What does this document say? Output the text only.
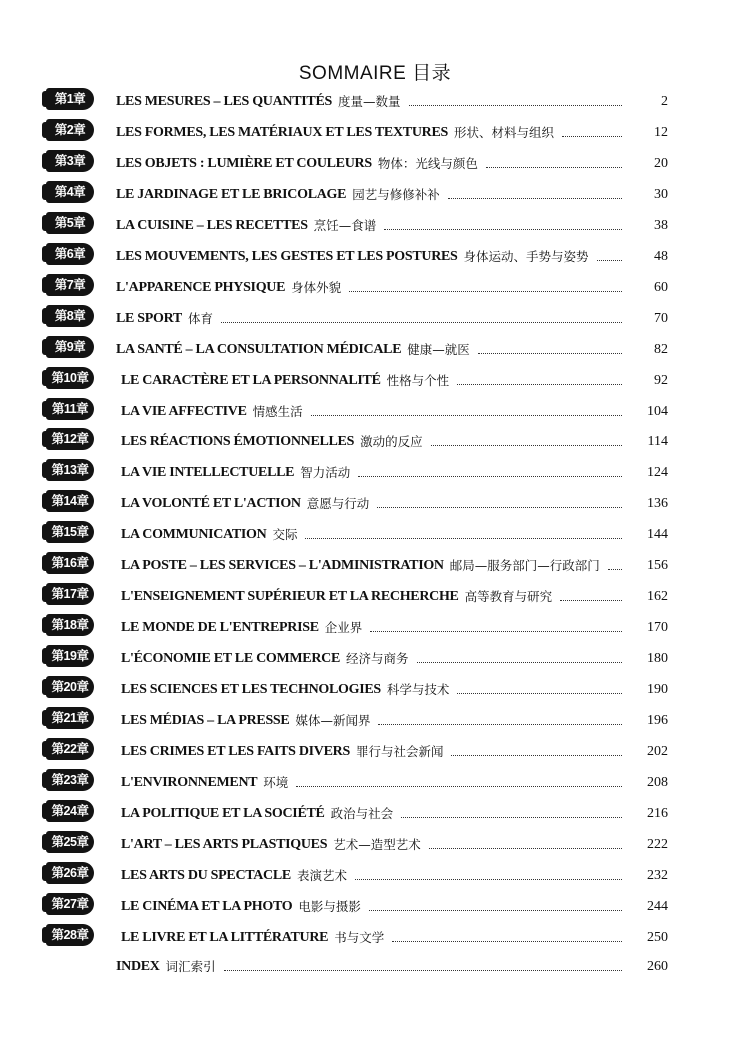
SOMMAIRE 目录
第1章	LES MESURES – LES QUANTITÉS 度量—数量	2
第2章	LES FORMES, LES MATÉRIAUX ET LES TEXTURES 形状、材料与组织	12
第3章	LES OBJETS : LUMIÈRE ET COULEURS 物体：光线与颜色	20
第4章	LE JARDINAGE ET LE BRICOLAGE 园艺与修修补补	30
第5章	LA CUISINE – LES RECETTES 烹饪—食谱	38
第6章	LES MOUVEMENTS, LES GESTES ET LES POSTURES 身体运动、手势与姿势	48
第7章	L'APPARENCE PHYSIQUE 身体外貌	60
第8章	LE SPORT 体育	70
第9章	LA SANTÉ – LA CONSULTATION MÉDICALE 健康—就医	82
第10章	LE CARACTÈRE ET LA PERSONNALITÉ 性格与个性	92
第11章	LA VIE AFFECTIVE 情感生活	104
第12章	LES RÉACTIONS ÉMOTIONNELLES 激动的反应	114
第13章	LA VIE INTELLECTUELLE 智力活动	124
第14章	LA VOLONTÉ ET L'ACTION 意愿与行动	136
第15章	LA COMMUNICATION 交际	144
第16章	LA POSTE – LES SERVICES – L'ADMINISTRATION 邮局—服务部门—行政部门	156
第17章	L'ENSEIGNEMENT SUPÉRIEUR ET LA RECHERCHE 高等教育与研究	162
第18章	LE MONDE DE L'ENTREPRISE 企业界	170
第19章	L'ÉCONOMIE ET LE COMMERCE 经济与商务	180
第20章	LES SCIENCES ET LES TECHNOLOGIES 科学与技术	190
第21章	LES MÉDIAS – LA PRESSE 媒体—新闻界	196
第22章	LES CRIMES ET LES FAITS DIVERS 罪行与社会新闻	202
第23章	L'ENVIRONNEMENT 环境	208
第24章	LA POLITIQUE ET LA SOCIÉTÉ 政治与社会	216
第25章	L'ART – LES ARTS PLASTIQUES 艺术—造型艺术	222
第26章	LES ARTS DU SPECTACLE 表演艺术	232
第27章	LE CINÉMA ET LA PHOTO 电影与摄影	244
第28章	LE LIVRE ET LA LITTÉRATURE 书与文学	250
INDEX 词汇索引	260
